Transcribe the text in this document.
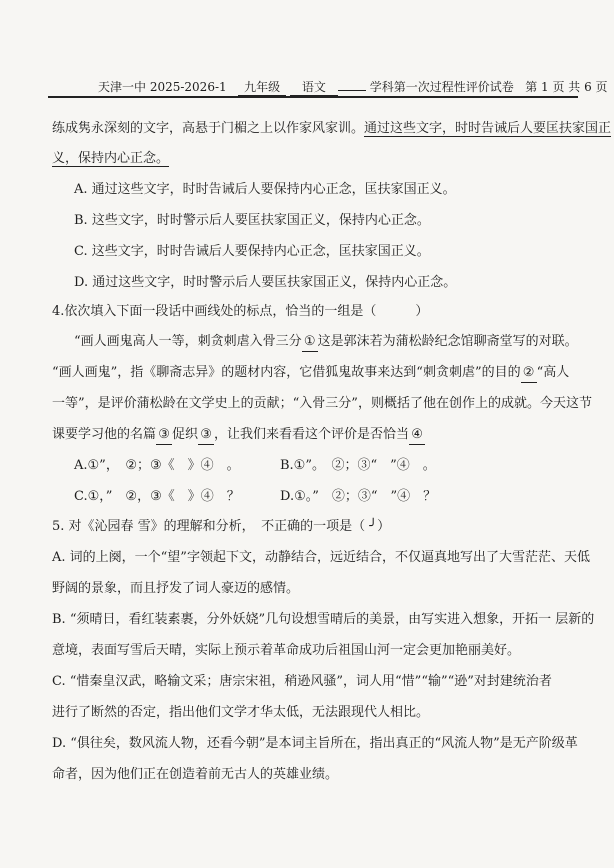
天津一中 2025-2026-1 九年级 语文	学科第一次过程性评价试卷 第 1 页 共 6 页
练成隽永深刻的文字，高悬于门楣之上以作家风家训。通过这些文字，时时告诫后人要匡扶家国正
义，保持内心正念。
A. 通过这些文字，时时告诫后人要保持内心正念，匡扶家国正义。
B. 这些文字，时时警示后人要匡扶家国正义，保持内心正念。
C. 这些文字，时时告诫后人要保持内心正念，匡扶家国正义。
D. 通过这些文字，时时警示后人要匡扶家国正义，保持内心正念。
4.依次填入下面一段话中画线处的标点，恰当的一组是（　　　）
“画人画鬼高人一等，刺贪刺虐入骨三分 ① 这是郭沫若为蒲松龄纪念馆聊斋堂写的对联。
“画人画鬼”，指《聊斋志异》的题材内容，它借狐鬼故事来达到“刺贪刺虐”的目的 ② “高人
一等”，是评价蒲松龄在文学史上的贡献；“入骨三分”，则概括了他在创作上的成就。今天这节
课要学习他的名篇 ③ 促织 ③ ，让我们来看看这个评价是否恰当 ④
A.①”，　②；③《　》④　。	B.①”。　②；③“　”④　。
C.①，”　②，③《　》④　？	D.①。”　②；③“　”④　？
5. 对《沁园春 雪》的理解和分析，　不正确的一项是（ ╯）
A. 词的上阕，一个“望”字领起下文，动静结合，远近结合，不仅逼真地写出了大雪茫茫、天低
野阔的景象，而且抒发了词人豪迈的感情。
B. “须晴日，看红装素裹，分外妖娆”几句设想雪晴后的美景，由写实进入想象，开拓一 层新的
意境，表面写雪后天晴，实际上预示着革命成功后祖国山河一定会更加艳丽美好。
C. “惜秦皇汉武，略输文采；唐宗宋祖，稍逊风骚”，词人用“惜”“输”“逊”对封建统治者
进行了断然的否定，指出他们文学才华太低，无法跟现代人相比。
D. “俱往矣，数风流人物，还看今朝”是本词主旨所在，指出真正的“风流人物”是无产阶级革
命者，因为他们正在创造着前无古人的英雄业绩。
